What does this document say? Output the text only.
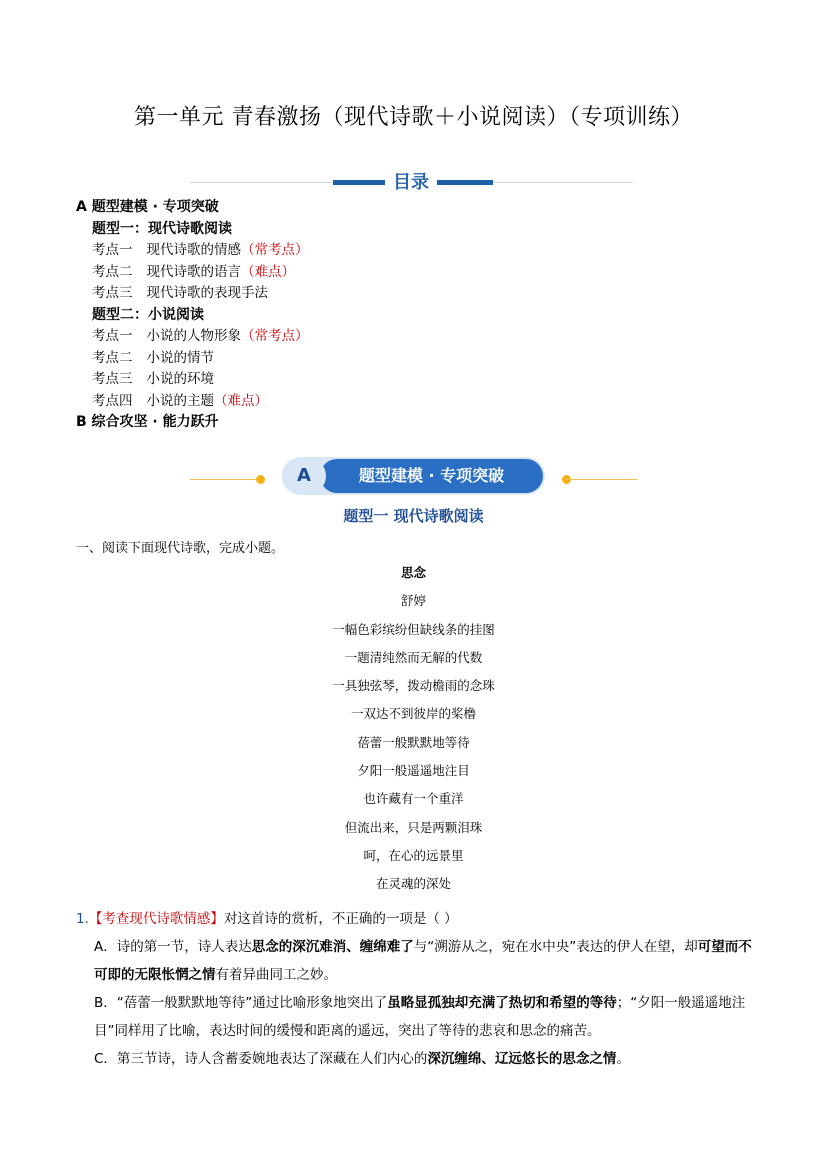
第一单元 青春激扬（现代诗歌＋小说阅读）（专项训练）
目录
A 题型建模 · 专项突破
题型一：现代诗歌阅读
考点一 现代诗歌的情感（常考点）
考点二 现代诗歌的语言（难点）
考点三 现代诗歌的表现手法
题型二：小说阅读
考点一 小说的人物形象（常考点）
考点二 小说的情节
考点三 小说的环境
考点四 小说的主题（难点）
B 综合攻坚 · 能力跃升
题型建模 · 专项突破
A
题型一 现代诗歌阅读
一、阅读下面现代诗歌，完成小题。
思念
舒婷
一幅色彩缤纷但缺线条的挂图
一题清纯然而无解的代数
一具独弦琴，拨动檐雨的念珠
一双达不到彼岸的桨橹
蓓蕾一般默默地等待
夕阳一般遥遥地注目
也许藏有一个重洋
但流出来，只是两颗泪珠
呵，在心的远景里
在灵魂的深处
1.【考查现代诗歌情感】对这首诗的赏析，不正确的一项是（ ）
A．诗的第一节，诗人表达思念的深沉难消、缠绵难了与“溯游从之，宛在水中央”表达的伊人在望，却可望而不可即的无限怅惘之情有着异曲同工之妙。
B．“蓓蕾一般默默地等待”通过比喻形象地突出了虽略显孤独却充满了热切和希望的等待；“夕阳一般遥遥地注目”同样用了比喻，表达时间的缓慢和距离的遥远，突出了等待的悲哀和思念的痛苦。
C．第三节诗，诗人含蓄委婉地表达了深藏在人们内心的深沉缠绵、辽远悠长的思念之情。
